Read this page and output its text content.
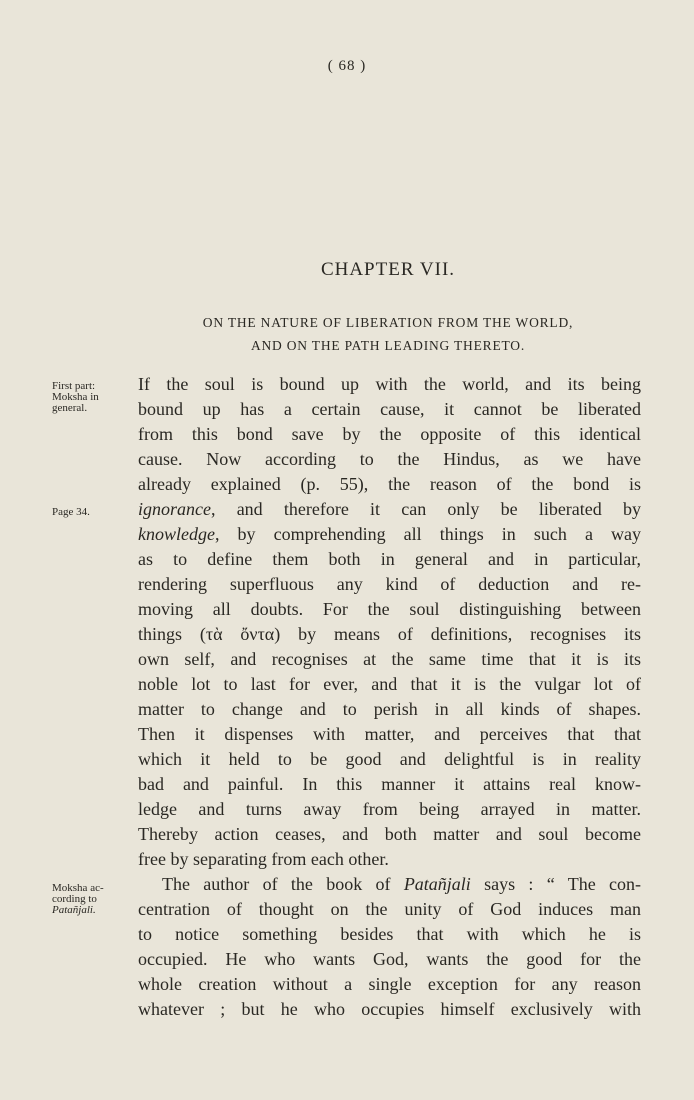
( 68 )
CHAPTER VII.
ON THE NATURE OF LIBERATION FROM THE WORLD,
AND ON THE PATH LEADING THERETO.
First part:
Moksha in
general.
Page 34.
Moksha ac-
cording to
Patañjali.
If the soul is bound up with the world, and its being
bound up has a certain cause, it cannot be liberated
from this bond save by the opposite of this identical
cause. Now according to the Hindus, as we have
already explained (p. 55), the reason of the bond is
ignorance, and therefore it can only be liberated by
knowledge, by comprehending all things in such a way
as to define them both in general and in particular,
rendering superfluous any kind of deduction and re-
moving all doubts. For the soul distinguishing between
things (τὰ ὄντα) by means of definitions, recognises its
own self, and recognises at the same time that it is its
noble lot to last for ever, and that it is the vulgar lot of
matter to change and to perish in all kinds of shapes.
Then it dispenses with matter, and perceives that that
which it held to be good and delightful is in reality
bad and painful. In this manner it attains real know-
ledge and turns away from being arrayed in matter.
Thereby action ceases, and both matter and soul become
free by separating from each other.
The author of the book of Patañjali says : “ The con-
centration of thought on the unity of God induces man
to notice something besides that with which he is
occupied. He who wants God, wants the good for the
whole creation without a single exception for any reason
whatever ; but he who occupies himself exclusively with
